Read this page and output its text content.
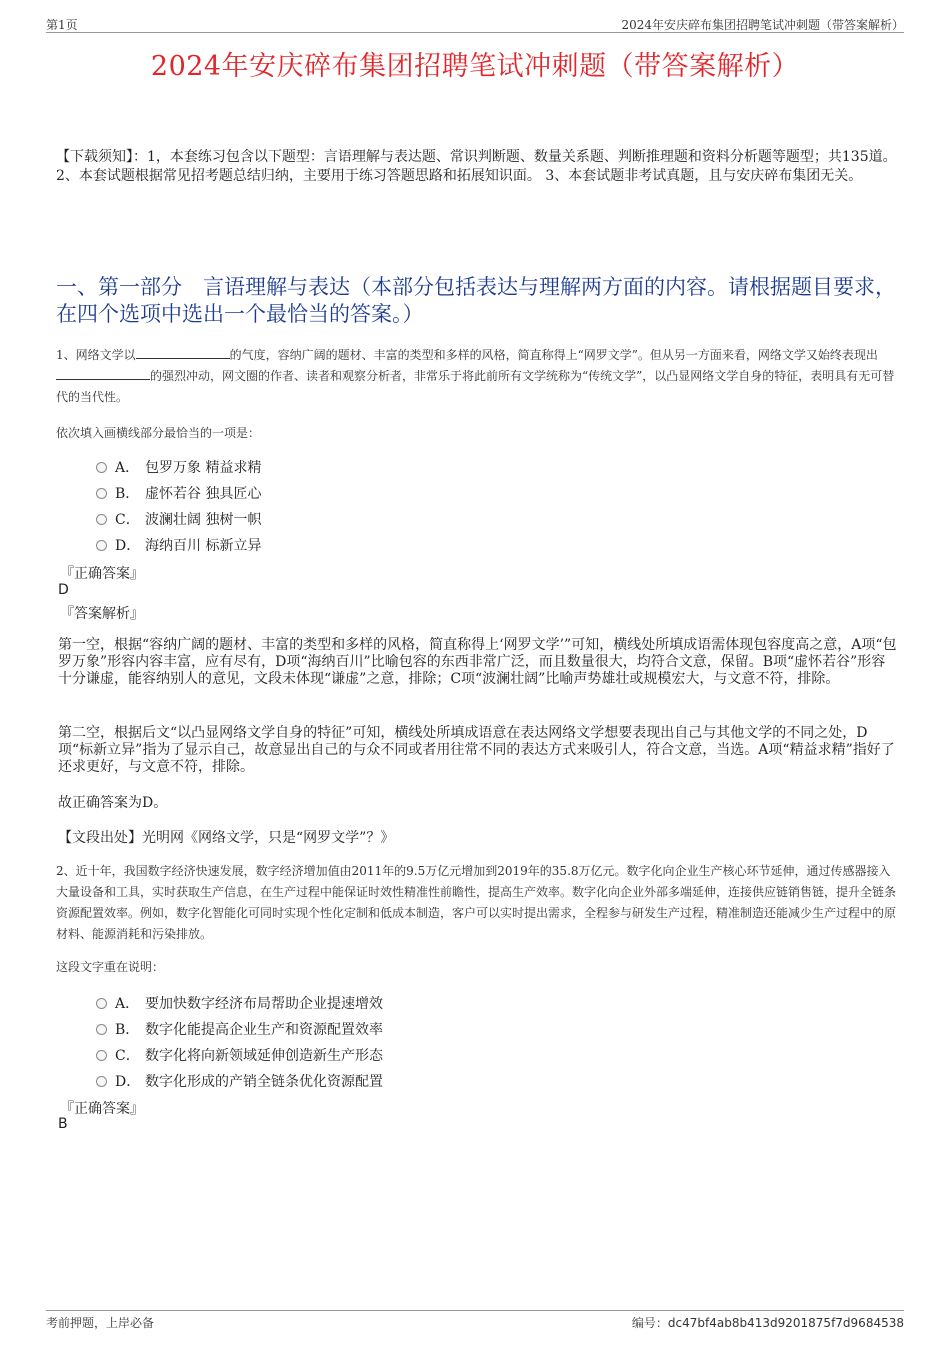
第1页	2024年安庆碎布集团招聘笔试冲刺题（带答案解析）
2024年安庆碎布集团招聘笔试冲刺题（带答案解析）
【下载须知】：1，本套练习包含以下题型：言语理解与表达题、常识判断题、数量关系题、判断推理题和资料分析题等题型；共135道。 2、本套试题根据常见招考题总结归纳，主要用于练习答题思路和拓展知识面。 3、本套试题非考试真题，且与安庆碎布集团无关。
一、第一部分　言语理解与表达（本部分包括表达与理解两方面的内容。请根据题目要求，在四个选项中选出一个最恰当的答案。）
1、网络文学以	的气度，容纳广阔的题材、丰富的类型和多样的风格，简直称得上“网罗文学”。但从另一方面来看，网络文学又始终表现出的强烈冲动，网文圈的作者、读者和观察分析者，非常乐于将此前所有文学统称为“传统文学”，以凸显网络文学自身的特征，表明具有无可替代的当代性。
依次填入画横线部分最恰当的一项是：
A． 包罗万象 精益求精
B． 虚怀若谷 独具匠心
C． 波澜壮阔 独树一帜
D． 海纳百川 标新立异
『正确答案』
D
『答案解析』
第一空，根据“容纳广阔的题材、丰富的类型和多样的风格，简直称得上‘网罗文学’”可知，横线处所填成语需体现包容度高之意，A项“包罗万象”形容内容丰富，应有尽有，D项“海纳百川”比喻包容的东西非常广泛，而且数量很大，均符合文意，保留。B项“虚怀若谷”形容十分谦虚，能容纳别人的意见，文段未体现“谦虚”之意，排除；C项“波澜壮阔”比喻声势雄壮或规模宏大，与文意不符，排除。
第二空，根据后文“以凸显网络文学自身的特征”可知，横线处所填成语意在表达网络文学想要表现出自己与其他文学的不同之处，D项“标新立异”指为了显示自己，故意显出自己的与众不同或者用往常不同的表达方式来吸引人，符合文意，当选。A项“精益求精”指好了还求更好，与文意不符，排除。
故正确答案为D。
【文段出处】光明网《网络文学，只是“网罗文学”？》
2、近十年，我国数字经济快速发展，数字经济增加值由2011年的9.5万亿元增加到2019年的35.8万亿元。数字化向企业生产核心环节延伸，通过传感器接入大量设备和工具，实时获取生产信息，在生产过程中能保证时效性精准性前瞻性，提高生产效率。数字化向企业外部多端延伸，连接供应链销售链，提升全链条资源配置效率。例如，数字化智能化可同时实现个性化定制和低成本制造，客户可以实时提出需求，全程参与研发生产过程，精准制造还能减少生产过程中的原材料、能源消耗和污染排放。
这段文字重在说明：
A． 要加快数字经济布局帮助企业提速增效
B． 数字化能提高企业生产和资源配置效率
C． 数字化将向新领域延伸创造新生产形态
D． 数字化形成的产销全链条优化资源配置
『正确答案』
B
考前押题，上岸必备	编号：dc47bf4ab8b413d9201875f7d9684538
